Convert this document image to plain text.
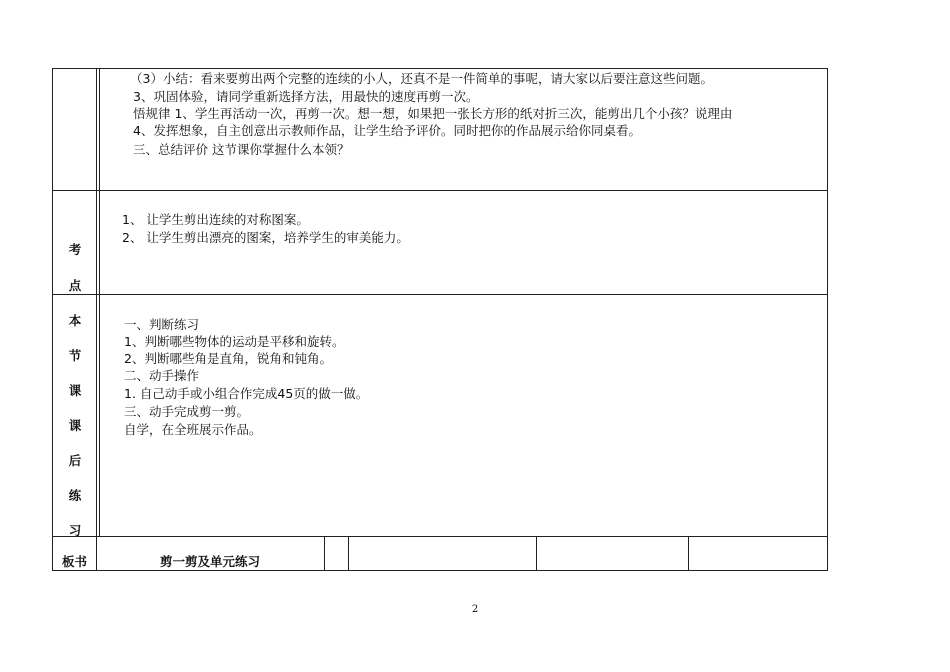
（3）小结：看来要剪出两个完整的连续的小人，还真不是一件简单的事呢，请大家以后要注意这些问题。
3、巩固体验，请同学重新选择方法，用最快的速度再剪一次。
悟规律 1、学生再活动一次，再剪一次。想一想，如果把一张长方形的纸对折三次，能剪出几个小孩？说理由
4、发挥想象，自主创意出示教师作品，让学生给予评价。同时把你的作品展示给你同桌看。
三、总结评价 这节课你掌握什么本领？
考
点
1、 让学生剪出连续的对称图案。
2、 让学生剪出漂亮的图案，培养学生的审美能力。
本
节
课
课
后
练
习
一、判断练习
1、判断哪些物体的运动是平移和旋转。
2、判断哪些角是直角，锐角和钝角。
二、动手操作
1. 自己动手或小组合作完成45页的做一做。
三、动手完成剪一剪。
自学，在全班展示作品。
板书	剪一剪及单元练习
2
